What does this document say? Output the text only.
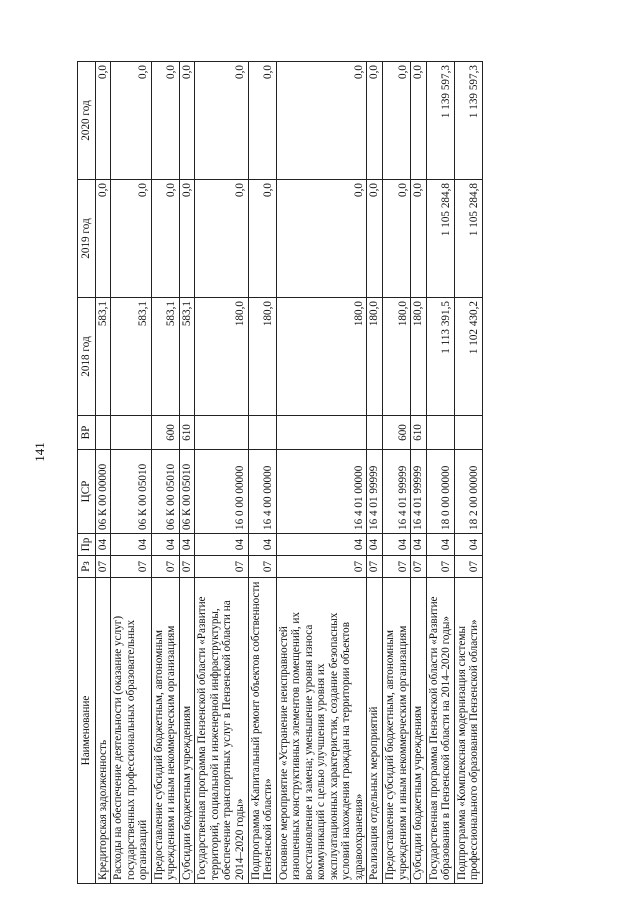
141
Наименование	Рз	Пр	ЦСР	ВР	2018 год	2019 год	2020 год
Кредиторская задолженность	07	04	06 К 00 00000		583,1	0,0	0,0
Расходы на обеспечение деятельности (оказание услуг) государственных профессиональных образовательных организаций	07	04	06 К 00 05010		583,1	0,0	0,0
Предоставление субсидий бюджетным, автономным учреждениям и иным некоммерческим организациям	07	04	06 К 00 05010	600	583,1	0,0	0,0
Субсидии бюджетным учреждениям	07	04	06 К 00 05010	610	583,1	0,0	0,0
Государственная программа Пензенской области «Развитие территорий, социальной и инженерной инфраструктуры, обеспечение транспортных услуг в Пензенской области на 2014–2020 годы»	07	04	16 0 00 00000		180,0	0,0	0,0
Подпрограмма «Капитальный ремонт объектов собственности Пензенской области»	07	04	16 4 00 00000		180,0	0,0	0,0
Основное мероприятие «Устранение неисправностей изношенных конструктивных элементов помещений, их восстановление и замена; уменьшение уровня износа коммуникаций с целью улучшения уровня их эксплуатационных характеристик, создание безопасных условий нахождения граждан на территории объектов здравоохранения»	07	04	16 4 01 00000		180,0	0,0	0,0
Реализация отдельных мероприятий	07	04	16 4 01 99999		180,0	0,0	0,0
Предоставление субсидий бюджетным, автономным учреждениям и иным некоммерческим организациям	07	04	16 4 01 99999	600	180,0	0,0	0,0
Субсидии бюджетным учреждениям	07	04	16 4 01 99999	610	180,0	0,0	0,0
Государственная программа Пензенской области «Развитие образования в Пензенской области на 2014–2020 годы»	07	04	18 0 00 00000		1 113 391,5	1 105 284,8	1 139 597,3
Подпрограмма «Комплексная модернизация системы профессионального образования Пензенской области»	07	04	18 2 00 00000		1 102 430,2	1 105 284,8	1 139 597,3
